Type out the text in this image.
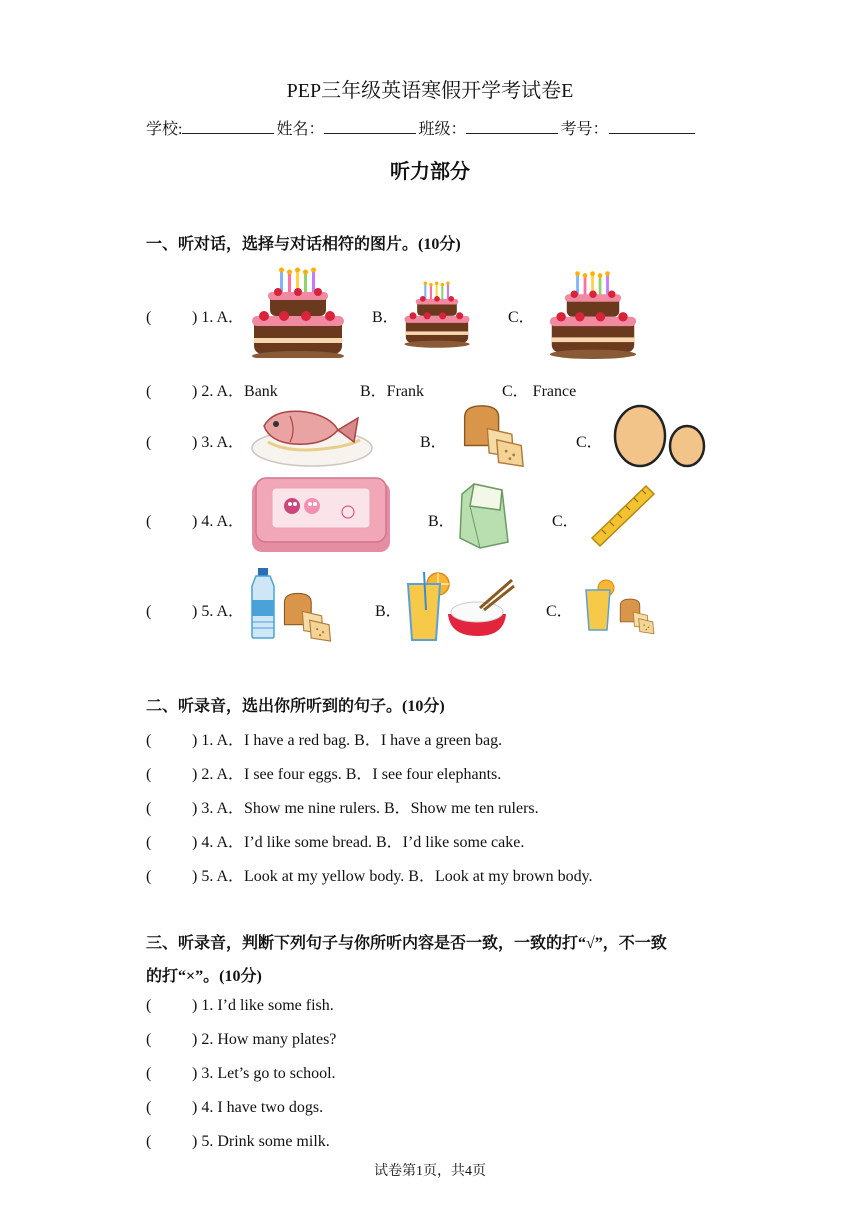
PEP三年级英语寒假开学考试卷E
学校:	姓名：	班级：	考号：
听力部分
一、听对话，选择与对话相符的图片。(10分)
(	) 1. A．	B．	C．
(	) 2. A．Bank	B．Frank	C． France
(	) 3. A．	B．	C．
(	) 4. A．	B．	C．
(	) 5. A．	B．	C．
二、听录音，选出你所听到的句子。(10分)
(	) 1. A．I have a red bag. B．I have a green bag.
(	) 2. A．I see four eggs. B．I see four elephants.
(	) 3. A．Show me nine rulers. B．Show me ten rulers.
(	) 4. A．I’d like some bread. B．I’d like some cake.
(	) 5. A．Look at my yellow body. B．Look at my brown body.
三、听录音，判断下列句子与你所听内容是否一致，一致的打“√”，不一致
的打“×”。(10分)
(	) 1. I’d like some fish.
(	) 2. How many plates?
(	) 3. Let’s go to school.
(	) 4. I have two dogs.
(	) 5. Drink some milk.
试卷第1页，共4页
